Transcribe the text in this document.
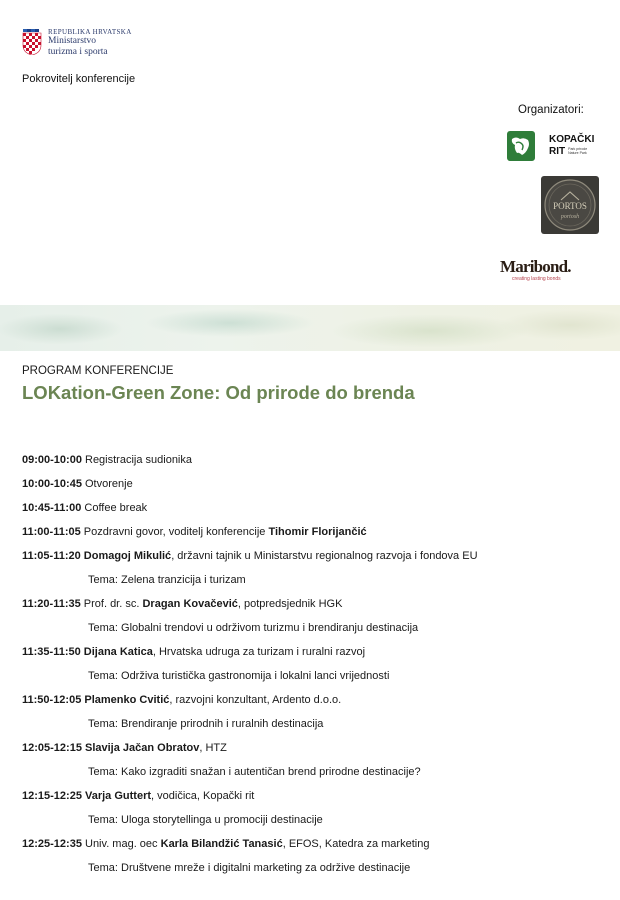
REPUBLIKA HRVATSKA
Ministarstvo
turizma i sporta
Pokrovitelj konferencije
Organizatori:
KOPAČKI
RIT Park prirode Nature Park
PORTOS
portosh
Maribond.
creating lasting bonds
PROGRAM KONFERENCIJE
LOKation-Green Zone: Od prirode do brenda
09:00-10:00 Registracija sudionika
10:00-10:45 Otvorenje
10:45-11:00 Coffee break
11:00-11:05 Pozdravni govor, voditelj konferencije Tihomir Florijančić
11:05-11:20 Domagoj Mikulić, državni tajnik u Ministarstvu regionalnog razvoja i fondova EU
Tema: Zelena tranzicija i turizam
11:20-11:35 Prof. dr. sc. Dragan Kovačević, potpredsjednik HGK
Tema: Globalni trendovi u održivom turizmu i brendiranju destinacija
11:35-11:50 Dijana Katica, Hrvatska udruga za turizam i ruralni razvoj
Tema: Održiva turistička gastronomija i lokalni lanci vrijednosti
11:50-12:05 Plamenko Cvitić, razvojni konzultant, Ardento d.o.o.
Tema: Brendiranje prirodnih i ruralnih destinacija
12:05-12:15 Slavija Jačan Obratov, HTZ
Tema: Kako izgraditi snažan i autentičan brend prirodne destinacije?
12:15-12:25 Varja Guttert, vodičica, Kopački rit
Tema: Uloga storytellinga u promociji destinacije
12:25-12:35 Univ. mag. oec Karla Bilandžić Tanasić, EFOS, Katedra za marketing
Tema: Društvene mreže i digitalni marketing za održive destinacije
